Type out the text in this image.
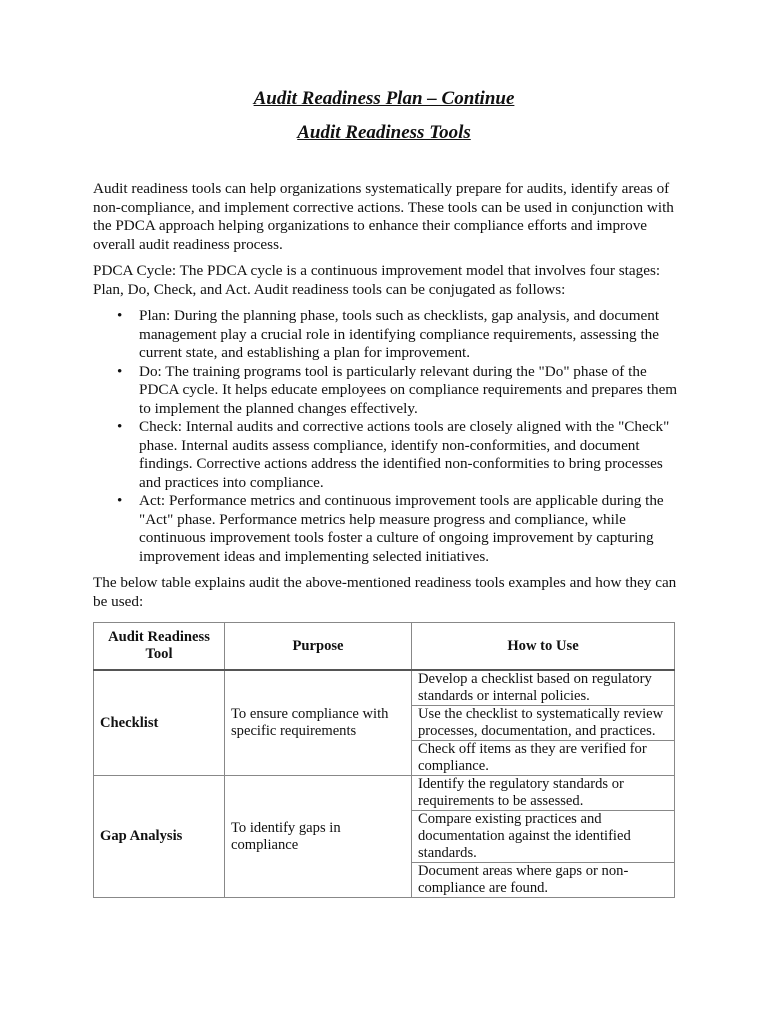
Audit Readiness Plan – Continue
Audit Readiness Tools

Audit readiness tools can help organizations systematically prepare for audits, identify areas of non-compliance, and implement corrective actions. These tools can be used in conjunction with the PDCA approach helping organizations to enhance their compliance efforts and improve overall audit readiness process.

PDCA Cycle: The PDCA cycle is a continuous improvement model that involves four stages: Plan, Do, Check, and Act. Audit readiness tools can be conjugated as follows:

• Plan: During the planning phase, tools such as checklists, gap analysis, and document management play a crucial role in identifying compliance requirements, assessing the current state, and establishing a plan for improvement.
• Do: The training programs tool is particularly relevant during the "Do" phase of the PDCA cycle. It helps educate employees on compliance requirements and prepares them to implement the planned changes effectively.
• Check: Internal audits and corrective actions tools are closely aligned with the "Check" phase. Internal audits assess compliance, identify non-conformities, and document findings. Corrective actions address the identified non-conformities to bring processes and practices into compliance.
• Act: Performance metrics and continuous improvement tools are applicable during the "Act" phase. Performance metrics help measure progress and compliance, while continuous improvement tools foster a culture of ongoing improvement by capturing improvement ideas and implementing selected initiatives.

The below table explains audit the above-mentioned readiness tools examples and how they can be used:

Audit Readiness Tool	Purpose	How to Use
Checklist	To ensure compliance with specific requirements	Develop a checklist based on regulatory standards or internal policies.
Use the checklist to systematically review processes, documentation, and practices.
Check off items as they are verified for compliance.

Gap Analysis	To identify gaps in compliance	Identify the regulatory standards or requirements to be assessed.
Compare existing practices and documentation against the identified standards.
Document areas where gaps or non-compliance are found.
